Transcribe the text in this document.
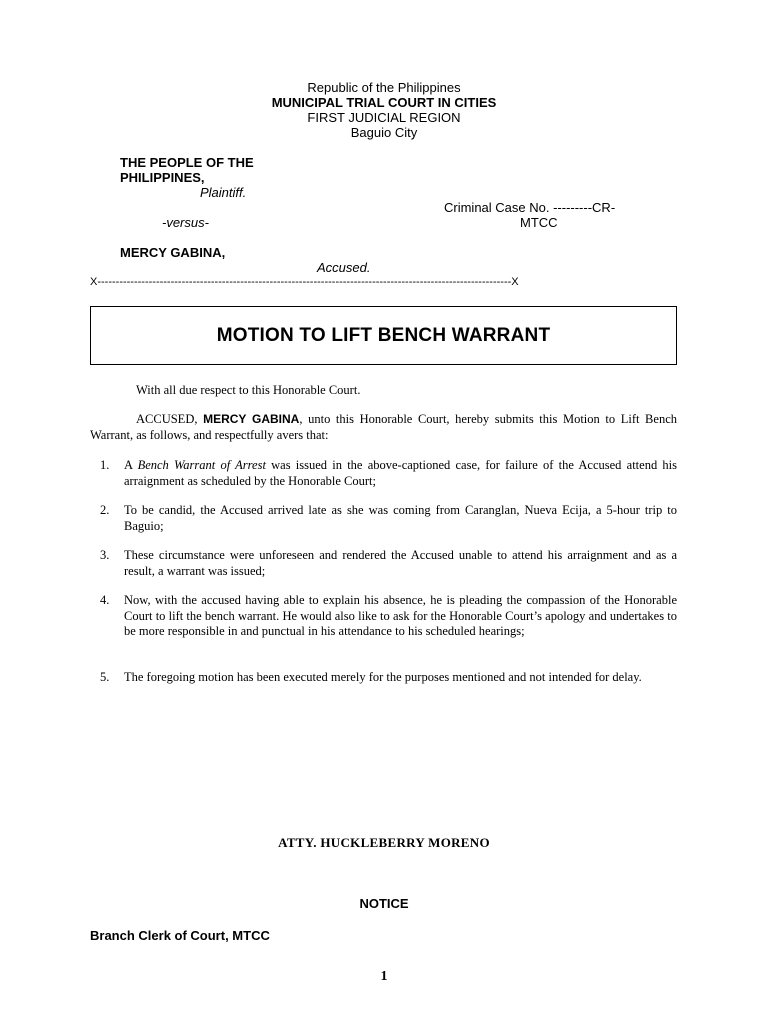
Republic of the Philippines
MUNICIPAL TRIAL COURT IN CITIES
FIRST JUDICIAL REGION
Baguio City
THE PEOPLE OF THE
PHILIPPINES,
Plaintiff.
Criminal Case No. ---------CR-
MTCC
-versus-
MERCY GABINA,
Accused.
X-----------------------------------------------------------------------------------------------------------------X
MOTION TO LIFT BENCH WARRANT
With all due respect to this Honorable Court.
ACCUSED, MERCY GABINA, unto this Honorable Court, hereby submits this Motion to Lift Bench Warrant, as follows, and respectfully avers that:
1.	A Bench Warrant of Arrest was issued in the above-captioned case, for failure of the Accused attend his arraignment as scheduled by the Honorable Court;
2.	To be candid, the Accused arrived late as she was coming from Caranglan, Nueva Ecija, a 5-hour trip to Baguio;
3.	These circumstance were unforeseen and rendered the Accused unable to attend his arraignment and as a result, a warrant was issued;
4.	Now, with the accused having able to explain his absence, he is pleading the compassion of the Honorable Court to lift the bench warrant. He would also like to ask for the Honorable Court’s apology and undertakes to be more responsible in and punctual in his attendance to his scheduled hearings;
5.	The foregoing motion has been executed merely for the purposes mentioned and not intended for delay.
ATTY. HUCKLEBERRY MORENO
NOTICE
Branch Clerk of Court, MTCC
1
